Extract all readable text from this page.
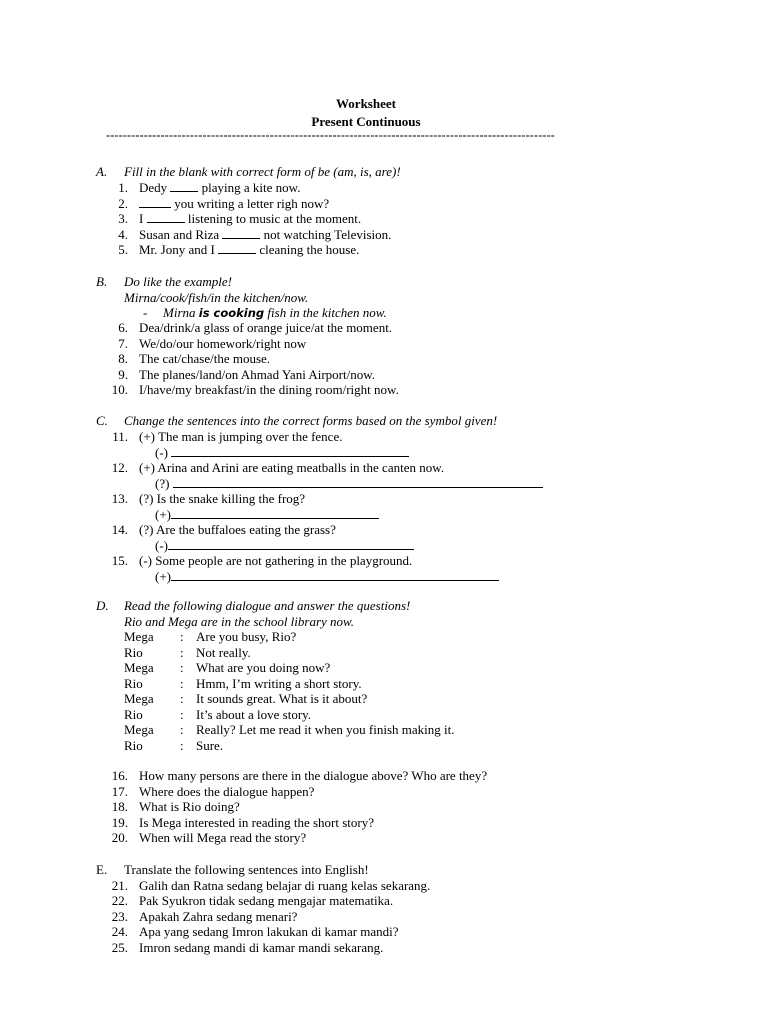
Worksheet
Present Continuous
-----------------------------------------------------------------------------------------------------------
A. Fill in the blank with correct form of be (am, is, are)!
1. Dedy  playing a kite now.
2.	you writing a letter righ now?
3. I	listening to music at the moment.
4. Susan and Riza	not watching Television.
5. Mr. Jony and I	cleaning the house.
B. Do like the example!
Mirna/cook/fish/in the kitchen/now.
- Mirna is cooking fish in the kitchen now.
6. Dea/drink/a glass of orange juice/at the moment.
7. We/do/our homework/right now
8. The cat/chase/the mouse.
9. The planes/land/on Ahmad Yani Airport/now.
10. I/have/my breakfast/in the dining room/right now.
C. Change the sentences into the correct forms based on the symbol given!
11. (+) The man is jumping over the fence.
(-)
12. (+) Arina and Arini are eating meatballs in the canten now.
(?)
13. (?) Is the snake killing the frog?
(+)
14. (?) Are the buffaloes eating the grass?
(-)
15. (-) Some people are not gathering in the playground.
(+)
D. Read the following dialogue and answer the questions!
Rio and Mega are in the school library now.
Mega : Are you busy, Rio?
Rio	: Not really.
Mega : What are you doing now?
Rio	: Hmm, I’m writing a short story.
Mega : It sounds great. What is it about?
Rio	: It’s about a love story.
Mega : Really? Let me read it when you finish making it.
Rio	: Sure.
16. How many persons are there in the dialogue above? Who are they?
17. Where does the dialogue happen?
18. What is Rio doing?
19. Is Mega interested in reading the short story?
20. When will Mega read the story?
E. Translate the following sentences into English!
21. Galih dan Ratna sedang belajar di ruang kelas sekarang.
22. Pak Syukron tidak sedang mengajar matematika.
23. Apakah Zahra sedang menari?
24. Apa yang sedang Imron lakukan di kamar mandi?
25. Imron sedang mandi di kamar mandi sekarang.
